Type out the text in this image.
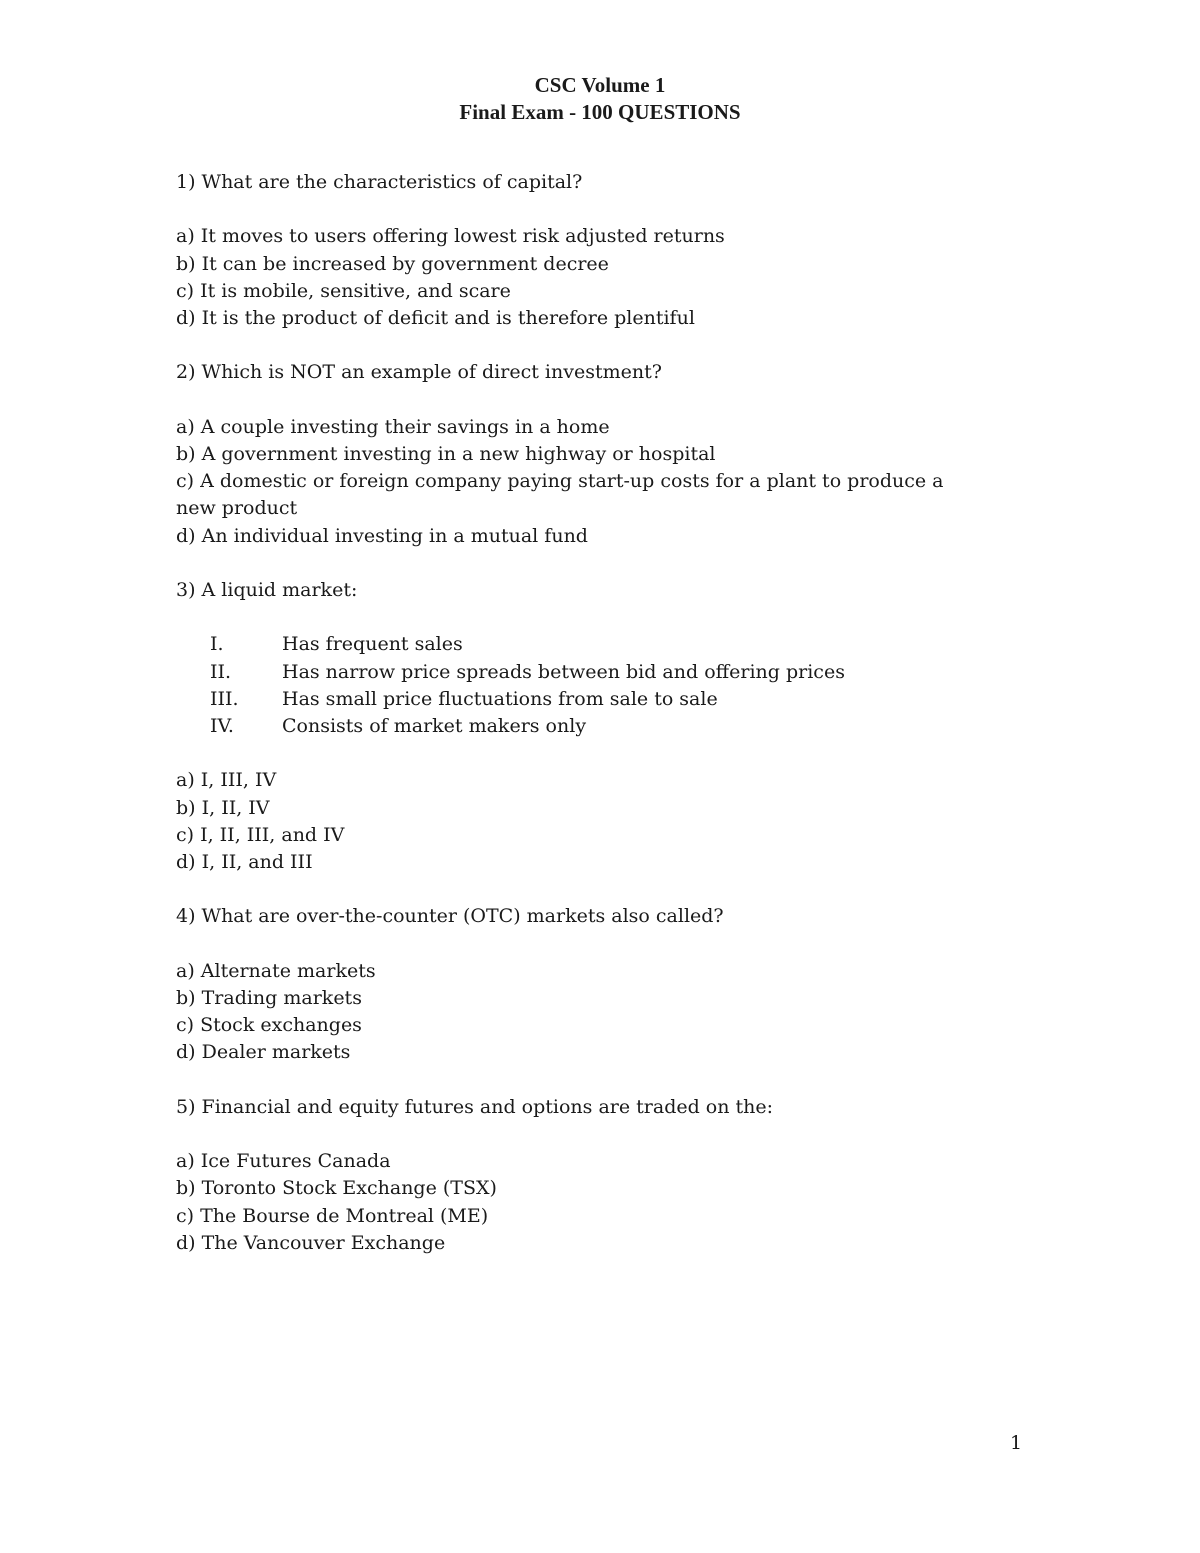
CSC Volume 1
Final Exam - 100 QUESTIONS
1) What are the characteristics of capital?
a) It moves to users offering lowest risk adjusted returns
b) It can be increased by government decree
c) It is mobile, sensitive, and scare
d) It is the product of deficit and is therefore plentiful
2) Which is NOT an example of direct investment?
a) A couple investing their savings in a home
b) A government investing in a new highway or hospital
c) A domestic or foreign company paying start-up costs for a plant to produce a new product
d) An individual investing in a mutual fund
3) A liquid market:
I.	Has frequent sales
II.	Has narrow price spreads between bid and offering prices
III.	Has small price fluctuations from sale to sale
IV.	Consists of market makers only
a) I, III, IV
b) I, II, IV
c) I, II, III, and IV
d) I, II, and III
4) What are over-the-counter (OTC) markets also called?
a) Alternate markets
b) Trading markets
c) Stock exchanges
d) Dealer markets
5) Financial and equity futures and options are traded on the:
a) Ice Futures Canada
b) Toronto Stock Exchange (TSX)
c) The Bourse de Montreal (ME)
d) The Vancouver Exchange
1
